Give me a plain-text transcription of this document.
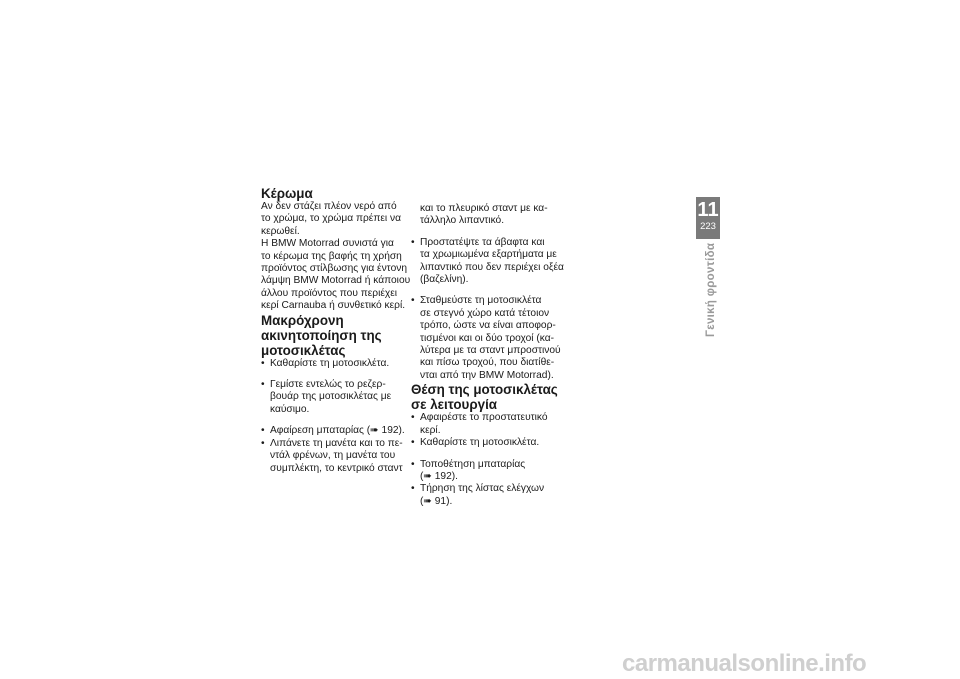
Κέρωμα

Αν δεν στάζει πλέον νερό από
το χρώμα, το χρώμα πρέπει να
κερωθεί.
Η BMW Motorrad συνιστά για
το κέρωμα της βαφής τη χρήση
προϊόντος στίλβωσης για έντονη
λάμψη BMW Motorrad ή κάποιου
άλλου προϊόντος που περιέχει
κερί Carnauba ή συνθετικό κερί.

Μακρόχρονη
ακινητοποίηση της
μοτοσικλέτας
• Καθαρίστε τη μοτοσικλέτα.
• Γεμίστε εντελώς το ρεζερ-
βουάρ της μοτοσικλέτας με
καύσιμο.
• Αφαίρεση μπαταρίας (➠ 192).
• Λιπάνετε τη μανέτα και το πε-
ντάλ φρένων, τη μανέτα του
συμπλέκτη, το κεντρικό σταντ
και το πλευρικό σταντ με κα-
τάλληλο λιπαντικό.
• Προστατέψτε τα άβαφτα και
τα χρωμιωμένα εξαρτήματα με
λιπαντικό που δεν περιέχει οξέα
(βαζελίνη).
• Σταθμεύστε τη μοτοσικλέτα
σε στεγνό χώρο κατά τέτοιον
τρόπο, ώστε να είναι αποφορ-
τισμένοι και οι δύο τροχοί (κα-
λύτερα με τα σταντ μπροστινού
και πίσω τροχού, που διατίθε-
νται από την BMW Motorrad).
Θέση της μοτοσικλέτας
σε λειτουργία
• Αφαιρέστε το προστατευτικό
κερί.
• Καθαρίστε τη μοτοσικλέτα.
• Τοποθέτηση μπαταρίας
(➠ 192).
• Τήρηση της λίστας ελέγχων
(➠ 91).
11
223
Γενική φροντίδα
carmanualsonline.info
